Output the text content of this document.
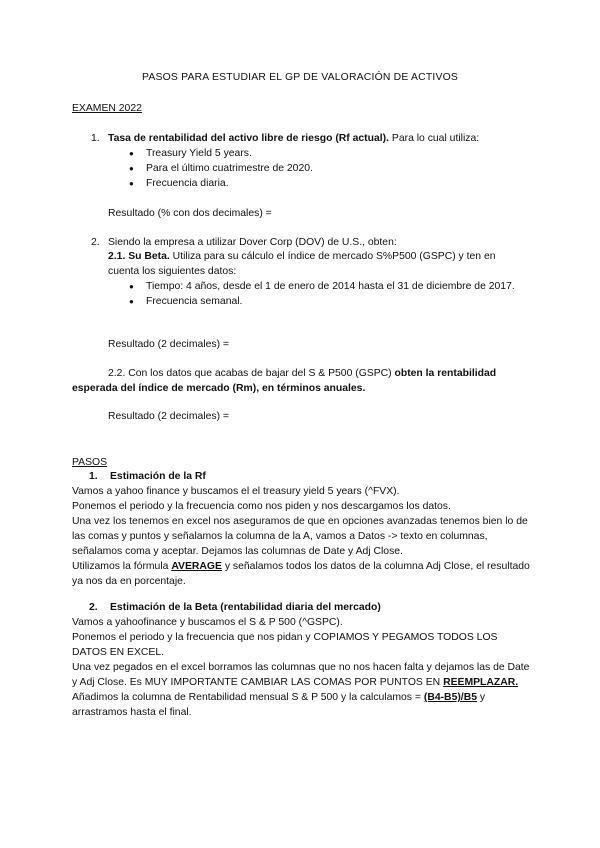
PASOS PARA ESTUDIAR EL GP DE VALORACIÓN DE ACTIVOS
EXAMEN 2022
1. Tasa de rentabilidad del activo libre de riesgo (Rf actual). Para lo cual utiliza:
● Treasury Yield 5 years.
● Para el último cuatrimestre de 2020.
● Frecuencia diaria.
Resultado (% con dos decimales) =
2. Siendo la empresa a utilizar Dover Corp (DOV) de U.S., obten:
2.1. Su Beta. Utiliza para su cálculo el índice de mercado S%P500 (GSPC) y ten en cuenta los siguientes datos:
● Tiempo: 4 años, desde el 1 de enero de 2014 hasta el 31 de diciembre de 2017.
● Frecuencia semanal.
Resultado (2 decimales) =
2.2. Con los datos que acabas de bajar del S & P500 (GSPC) obten la rentabilidad esperada del índice de mercado (Rm), en términos anuales.
Resultado (2 decimales) =
PASOS

1. Estimación de la Rf

Vamos a yahoo finance y buscamos el el treasury yield 5 years (^FVX).

Ponemos el periodo y la frecuencia como nos piden y nos descargamos los datos.

Una vez los tenemos en excel nos aseguramos de que en opciones avanzadas tenemos bien lo de las comas y puntos y señalamos la columna de la A, vamos a Datos -> texto en columnas, señalamos coma y aceptar. Dejamos las columnas de Date y Adj Close.

Utilizamos la fórmula AVERAGE y señalamos todos los datos de la columna Adj Close, el resultado ya nos da en porcentaje.

2. Estimación de la Beta (rentabilidad diaria del mercado)

Vamos a yahoofinance y buscamos el S & P 500 (^GSPC).

Ponemos el periodo y la frecuencia que nos pidan y COPIAMOS Y PEGAMOS TODOS LOS DATOS EN EXCEL.

Una vez pegados en el excel borramos las columnas que no nos hacen falta y dejamos las de Date y Adj Close. Es MUY IMPORTANTE CAMBIAR LAS COMAS POR PUNTOS EN REEMPLAZAR.

Añadimos la columna de Rentabilidad mensual S & P 500 y la calculamos = (B4-B5)/B5 y arrastramos hasta el final.
